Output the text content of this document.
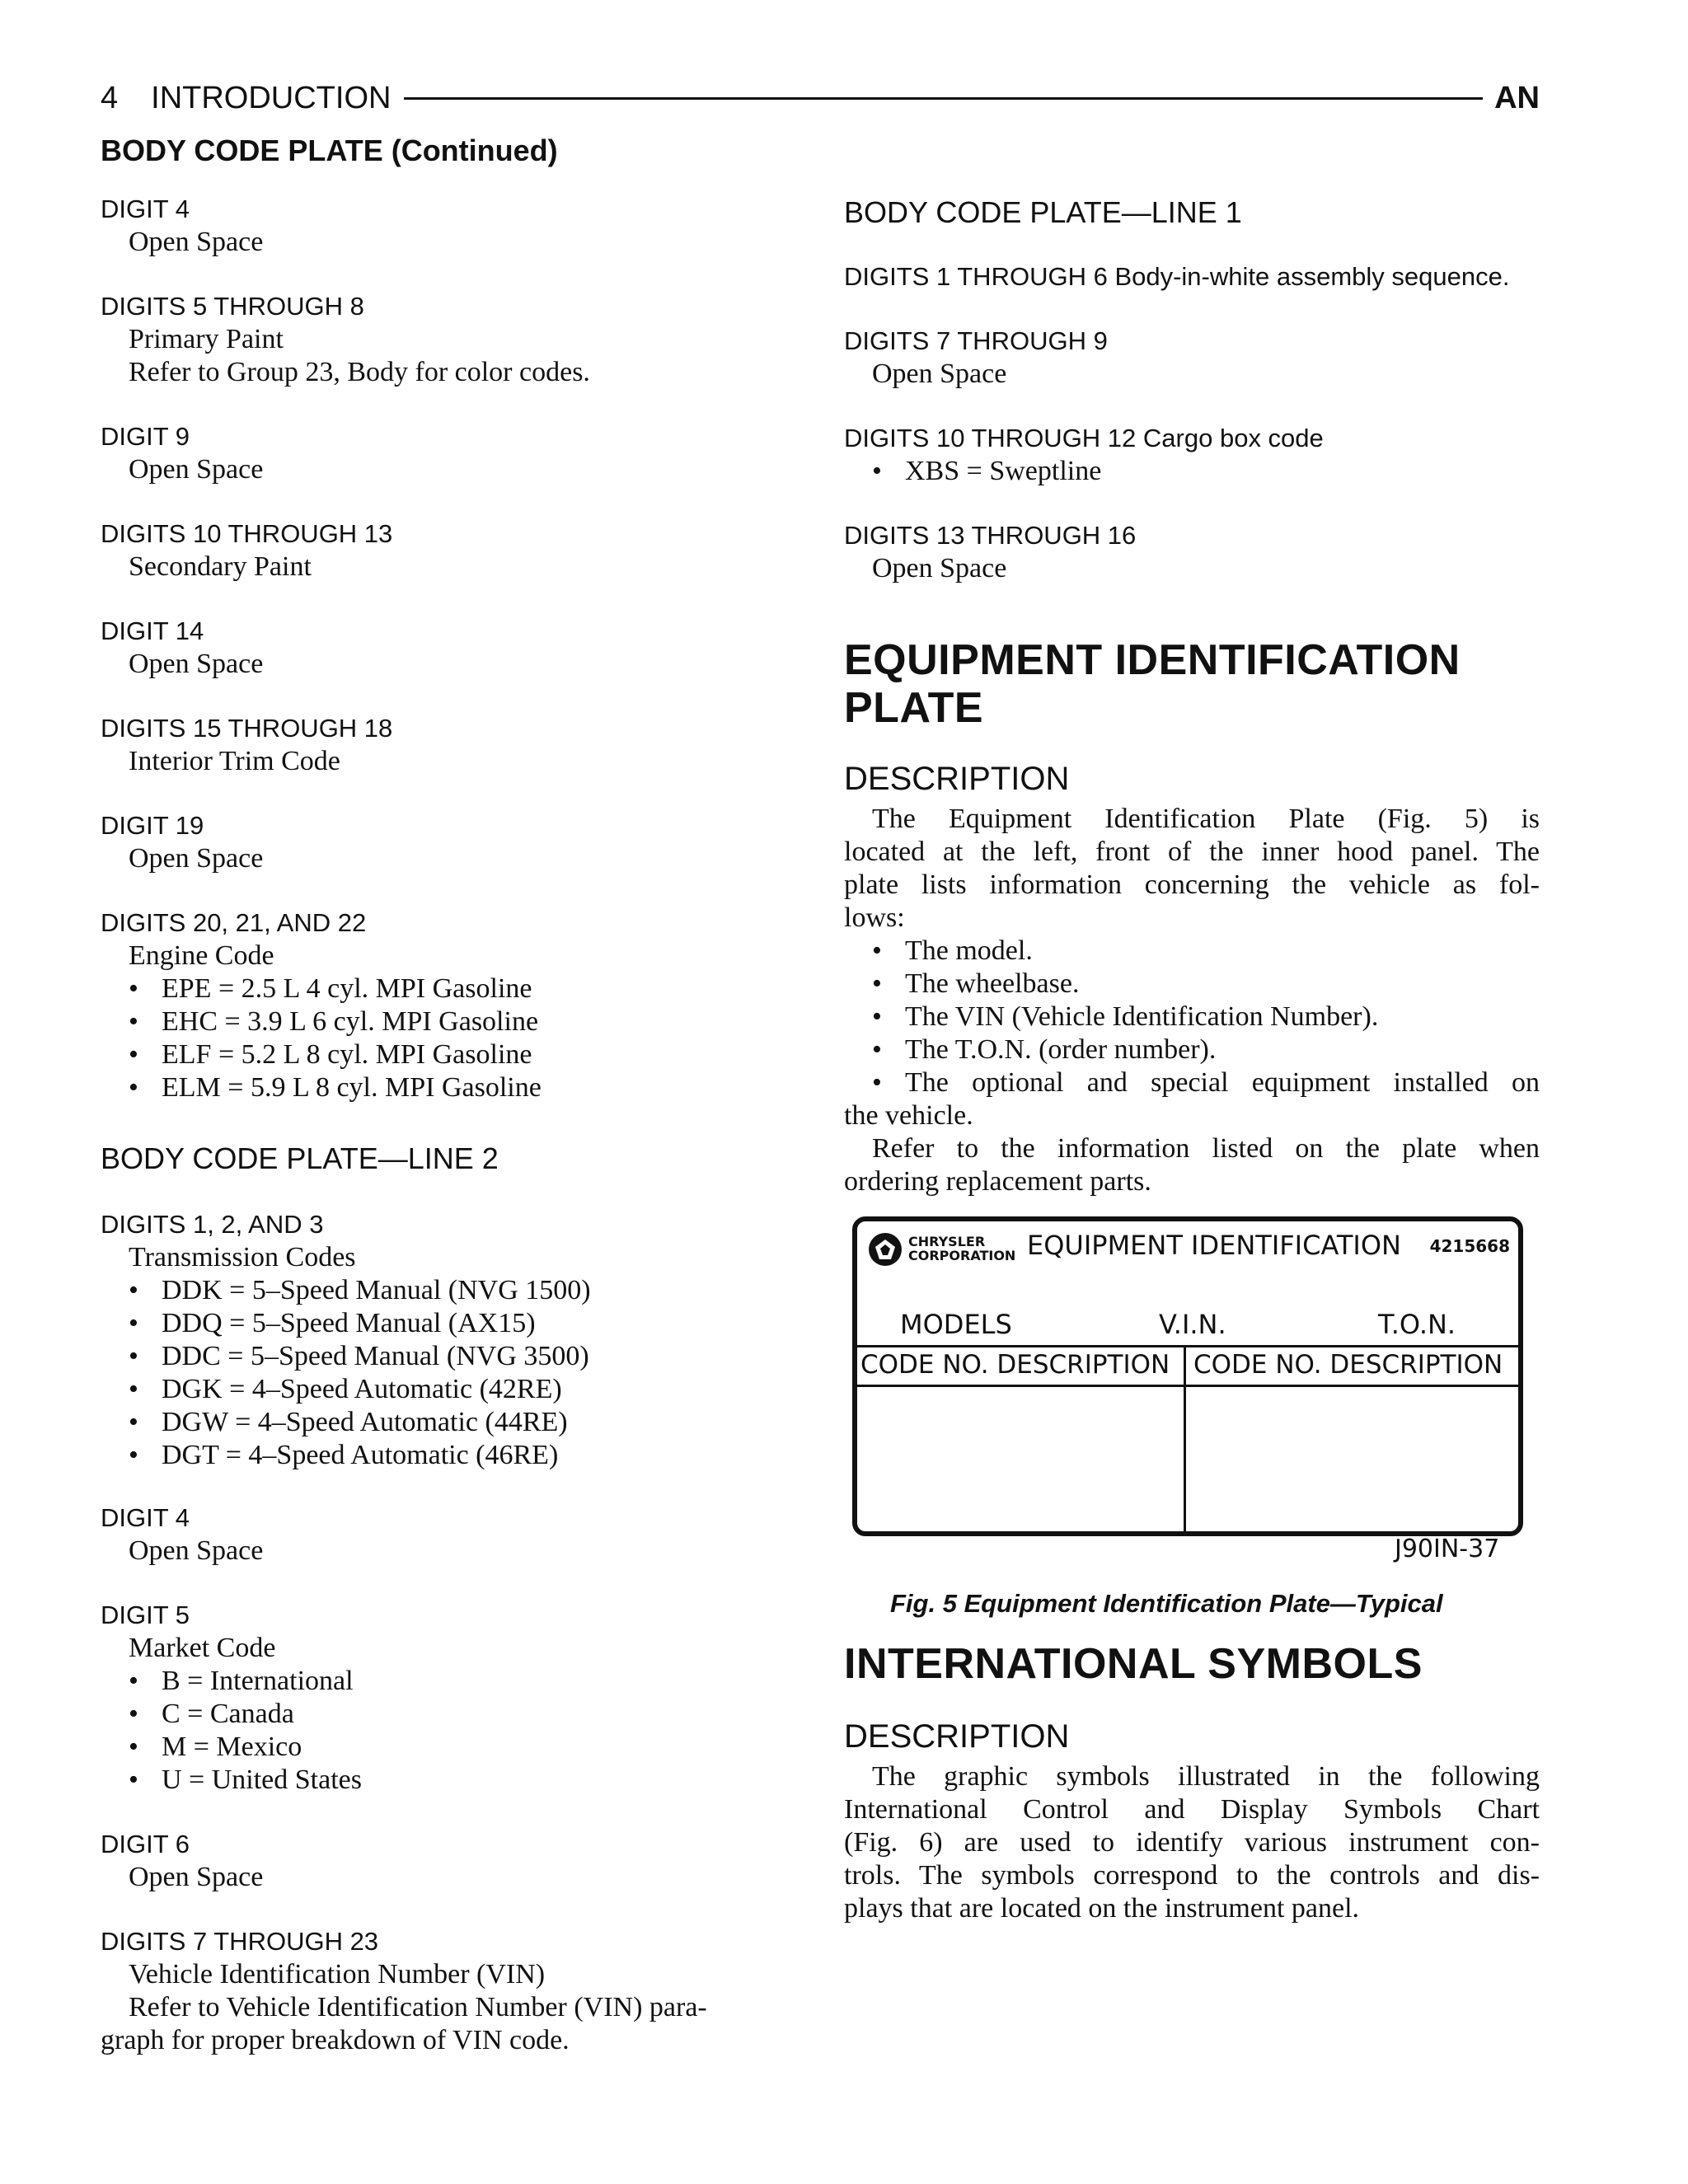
4 INTRODUCTION	AN
BODY CODE PLATE (Continued)
DIGIT 4
Open Space
DIGITS 5 THROUGH 8
Primary Paint
Refer to Group 23, Body for color codes.
DIGIT 9
Open Space
DIGITS 10 THROUGH 13
Secondary Paint
DIGIT 14
Open Space
DIGITS 15 THROUGH 18
Interior Trim Code
DIGIT 19
Open Space
DIGITS 20, 21, AND 22
Engine Code
• EPE = 2.5 L 4 cyl. MPI Gasoline
• EHC = 3.9 L 6 cyl. MPI Gasoline
• ELF = 5.2 L 8 cyl. MPI Gasoline
• ELM = 5.9 L 8 cyl. MPI Gasoline
BODY CODE PLATE—LINE 2
DIGITS 1, 2, AND 3
Transmission Codes
• DDK = 5–Speed Manual (NVG 1500)
• DDQ = 5–Speed Manual (AX15)
• DDC = 5–Speed Manual (NVG 3500)
• DGK = 4–Speed Automatic (42RE)
• DGW = 4–Speed Automatic (44RE)
• DGT = 4–Speed Automatic (46RE)
DIGIT 4
Open Space
DIGIT 5
Market Code
• B = International
• C = Canada
• M = Mexico
• U = United States
DIGIT 6
Open Space
DIGITS 7 THROUGH 23
Vehicle Identification Number (VIN)
Refer to Vehicle Identification Number (VIN) para-
graph for proper breakdown of VIN code.
BODY CODE PLATE—LINE 1
DIGITS 1 THROUGH 6 Body-in-white assembly sequence.
DIGITS 7 THROUGH 9
Open Space
DIGITS 10 THROUGH 12 Cargo box code
• XBS = Sweptline
DIGITS 13 THROUGH 16
Open Space
EQUIPMENT IDENTIFICATION
PLATE
DESCRIPTION
The Equipment Identification Plate (Fig. 5) is
located at the left, front of the inner hood panel. The
plate lists information concerning the vehicle as fol-
lows:
• The model.
• The wheelbase.
• The VIN (Vehicle Identification Number).
• The T.O.N. (order number).
• The optional and special equipment installed on
the vehicle.
Refer to the information listed on the plate when
ordering replacement parts.
CHRYSLER
CORPORATION EQUIPMENT IDENTIFICATION 4215668
MODELS	V.I.N.	T.O.N.
CODE NO. DESCRIPTION CODE NO. DESCRIPTION
J90IN-37
Fig. 5 Equipment Identification Plate—Typical
INTERNATIONAL SYMBOLS
DESCRIPTION
The graphic symbols illustrated in the following
International Control and Display Symbols Chart
(Fig. 6) are used to identify various instrument con-
trols. The symbols correspond to the controls and dis-
plays that are located on the instrument panel.
